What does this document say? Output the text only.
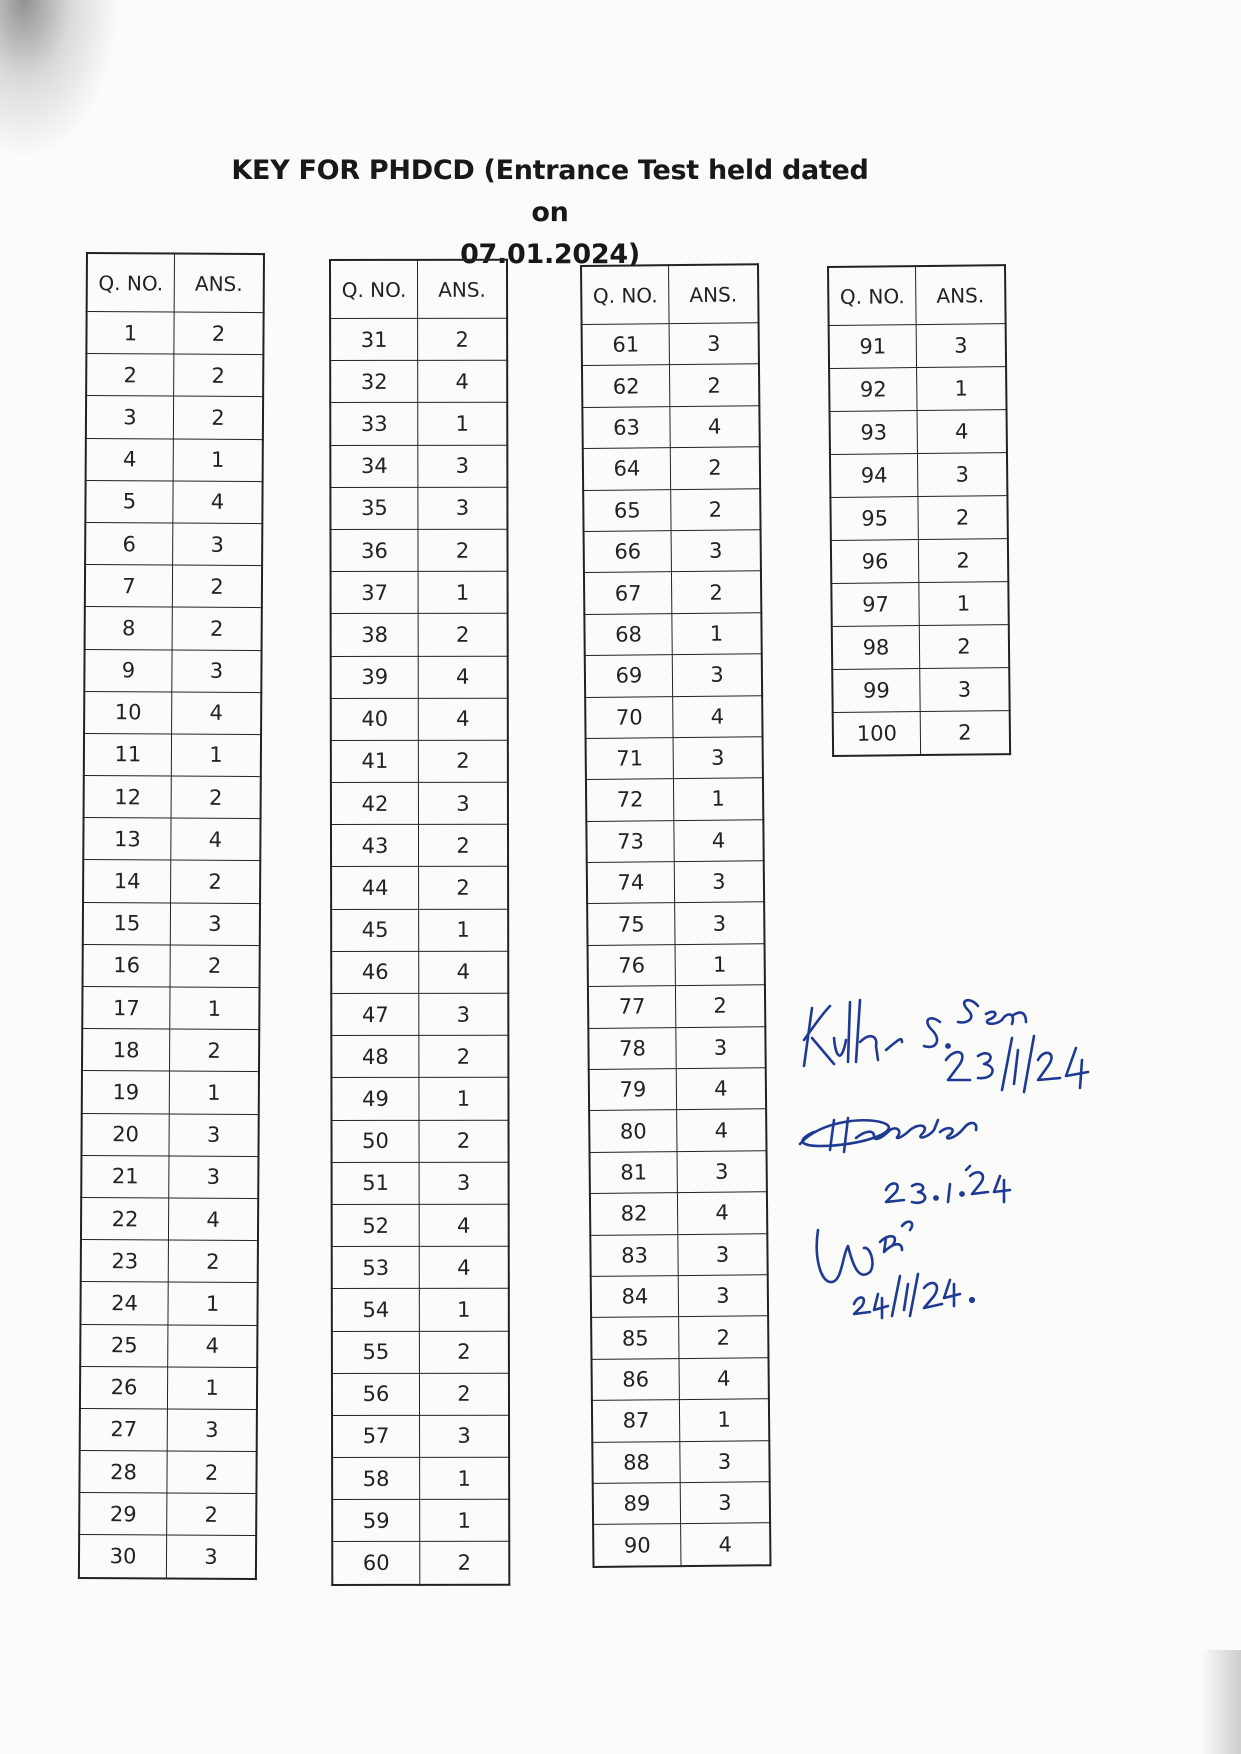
KEY FOR PHDCD (Entrance Test held dated on
07.01.2024)
Q. NO.	ANS.
1	2
2	2
3	2
4	1
5	4
6	3
7	2
8	2
9	3
10	4
11	1
12	2
13	4
14	2
15	3
16	2
17	1
18	2
19	1
20	3
21	3
22	4
23	2
24	1
25	4
26	1
27	3
28	2
29	2
30	3
Q. NO.	ANS.
31	2
32	4
33	1
34	3
35	3
36	2
37	1
38	2
39	4
40	4
41	2
42	3
43	2
44	2
45	1
46	4
47	3
48	2
49	1
50	2
51	3
52	4
53	4
54	1
55	2
56	2
57	3
58	1
59	1
60	2
Q. NO.	ANS.
61	3
62	2
63	4
64	2
65	2
66	3
67	2
68	1
69	3
70	4
71	3
72	1
73	4
74	3
75	3
76	1
77	2
78	3
79	4
80	4
81	3
82	4
83	3
84	3
85	2
86	4
87	1
88	3
89	3
90	4
Q. NO.	ANS.
91	3
92	1
93	4
94	3
95	2
96	2
97	1
98	2
99	3
100	2
